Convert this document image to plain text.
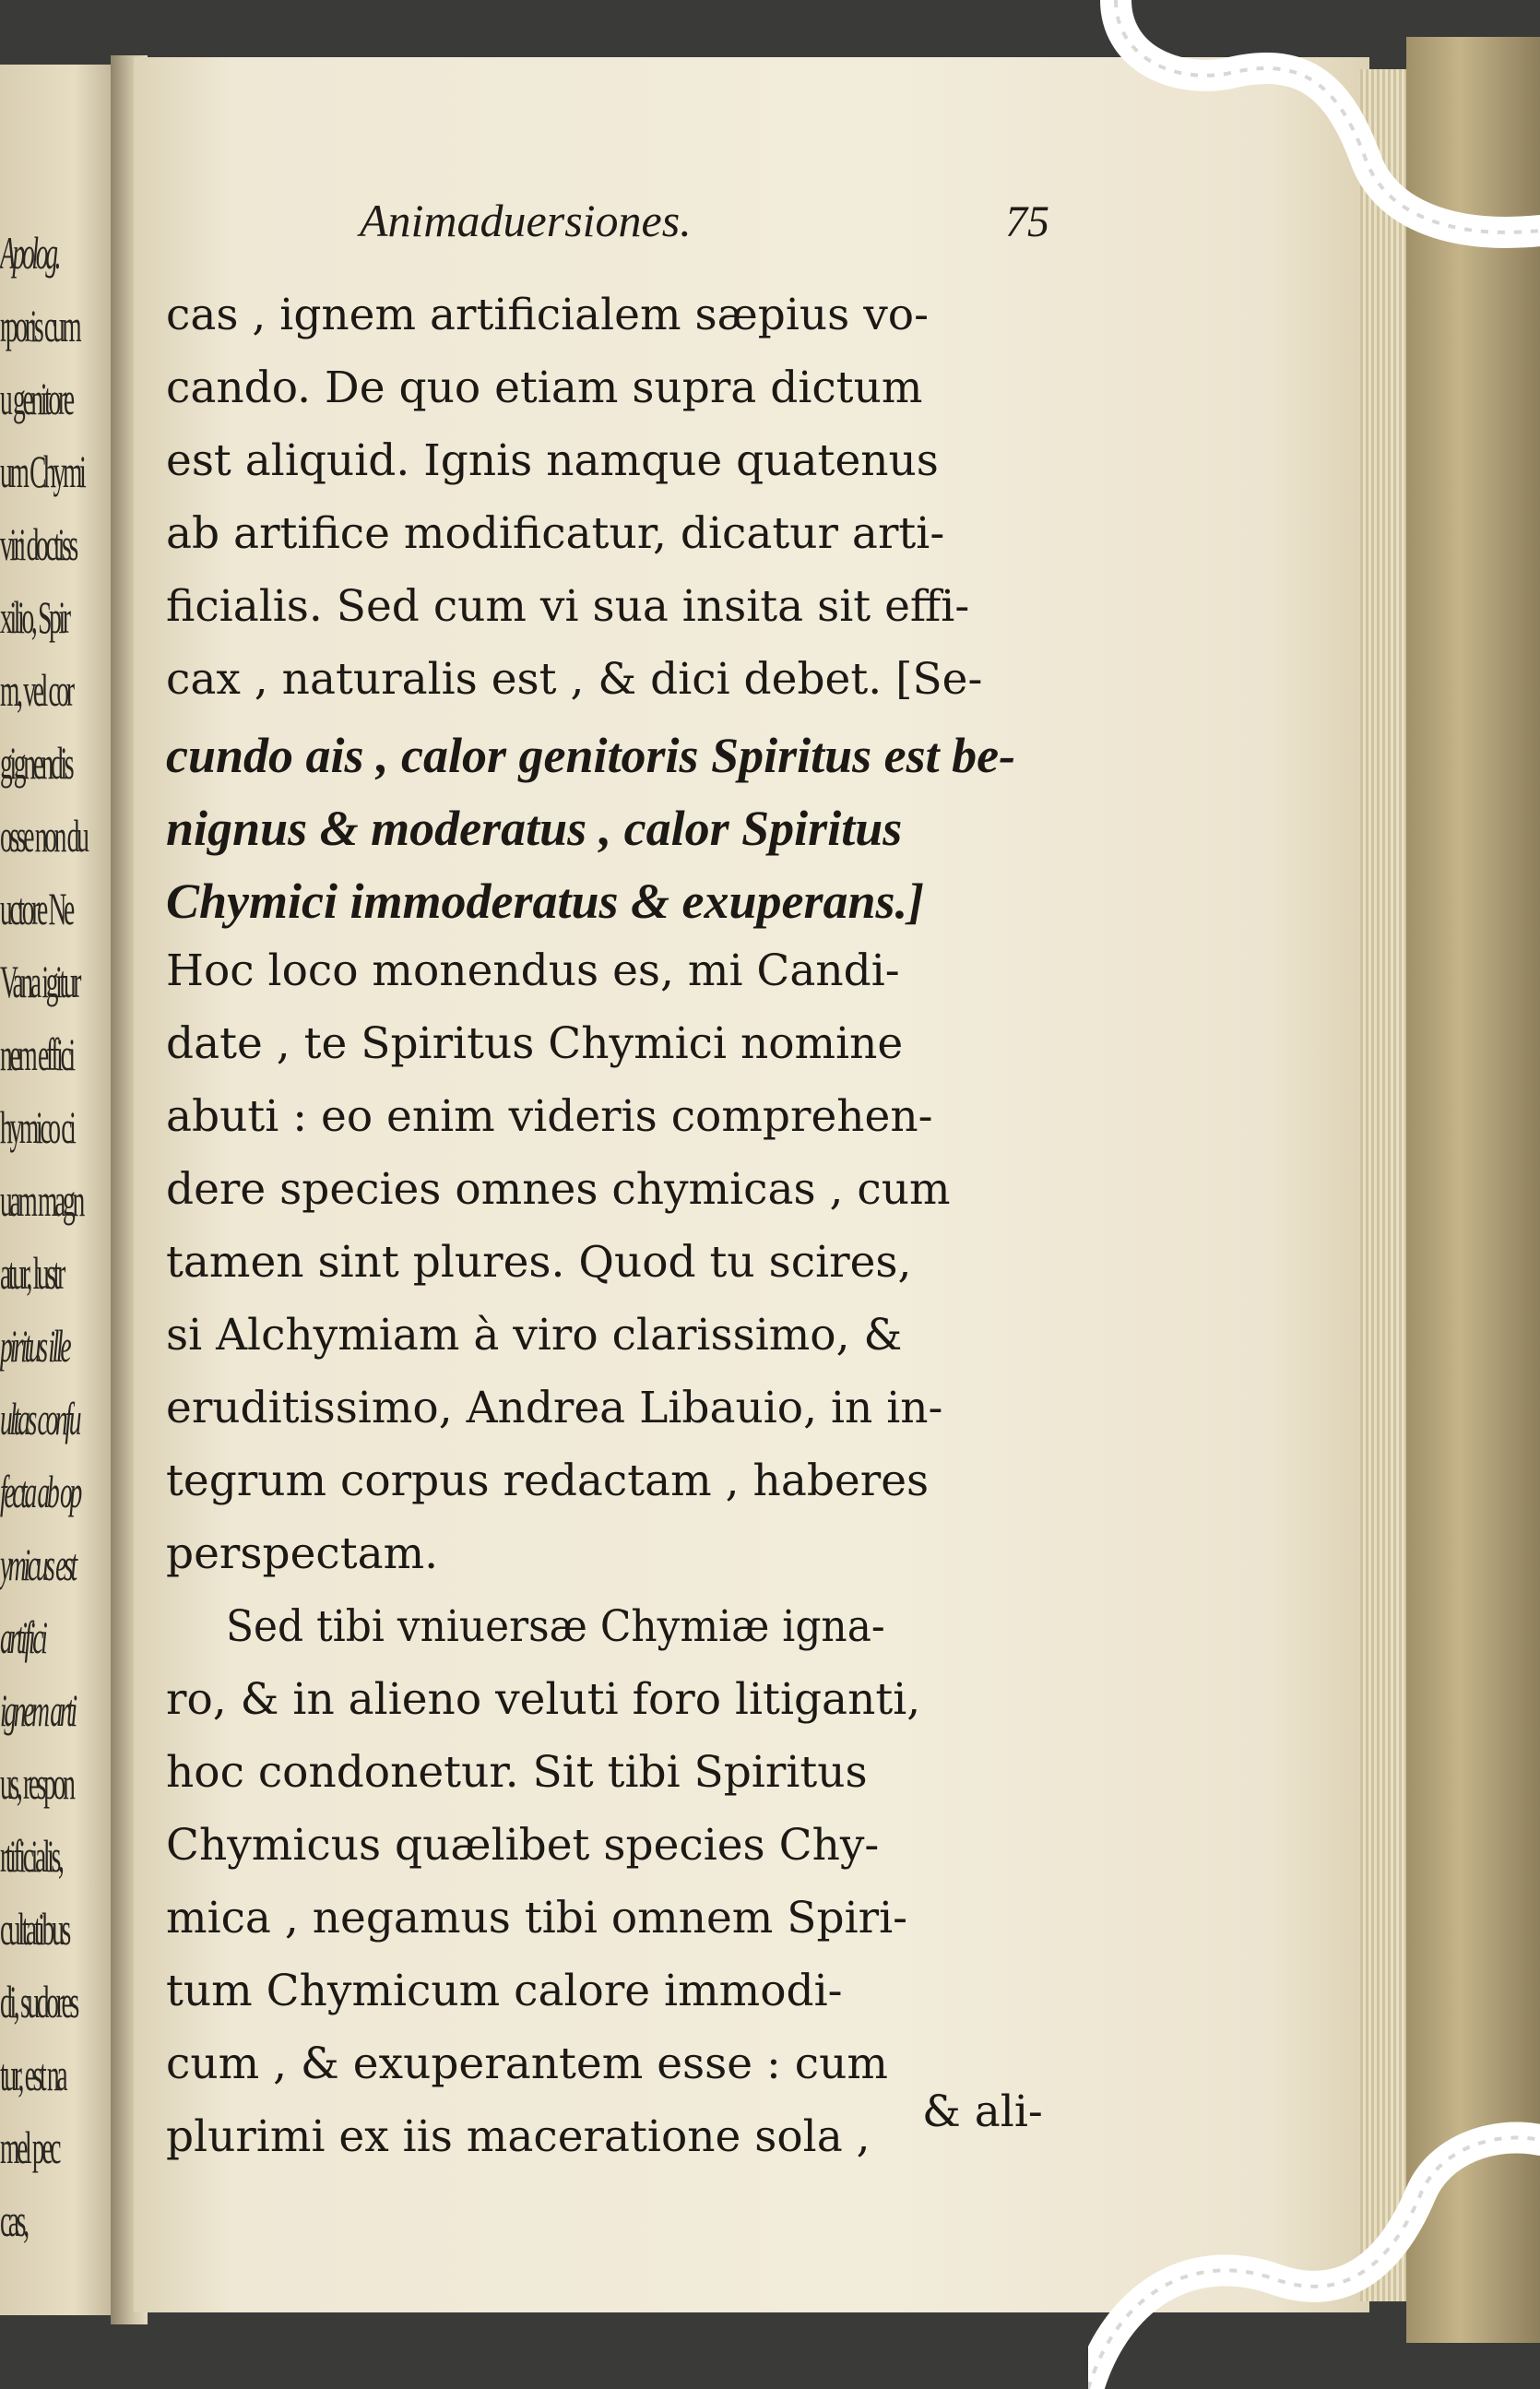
Apolog.
rporis cum
u genitore
um Chymi
viri doctiss
xilio, Spir
m, vel cor
gignendis
osse non du
uctore Ne
Vana igitur
nem effici
hymico ci
uam magn
atur, lustr
piritus ille
ultas confu
fecta ab op
ymicus est
artifici
ignem arti
us, respon
rtificialis,
cultatibus
di, sudores
tur, est na
mel pec
cas,
Animaduersiones.	75
cas , ignem artificialem sæpius vo-
cando. De quo etiam supra dictum
est aliquid. Ignis namque quatenus
ab artifice modificatur, dicatur arti-
ficialis. Sed cum vi sua insita sit effi-
cax , naturalis est , & dici debet. [Se-
cundo ais , calor genitoris Spiritus est be-
nignus & moderatus , calor Spiritus
Chymici immoderatus & exuperans.]
Hoc loco monendus es, mi Candi-
date , te Spiritus Chymici nomine
abuti : eo enim videris comprehen-
dere species omnes chymicas , cum
tamen sint plures. Quod tu scires,
si Alchymiam à viro clarissimo, &
eruditissimo, Andrea Libauio, in in-
tegrum corpus redactam , haberes
perspectam.
Sed tibi vniuersæ Chymiæ igna-
ro, & in alieno veluti foro litiganti,
hoc condonetur. Sit tibi Spiritus
Chymicus quælibet species Chy-
mica , negamus tibi omnem Spiri-
tum Chymicum calore immodi-
cum , & exuperantem esse : cum
plurimi ex iis maceratione sola ,	& ali-
